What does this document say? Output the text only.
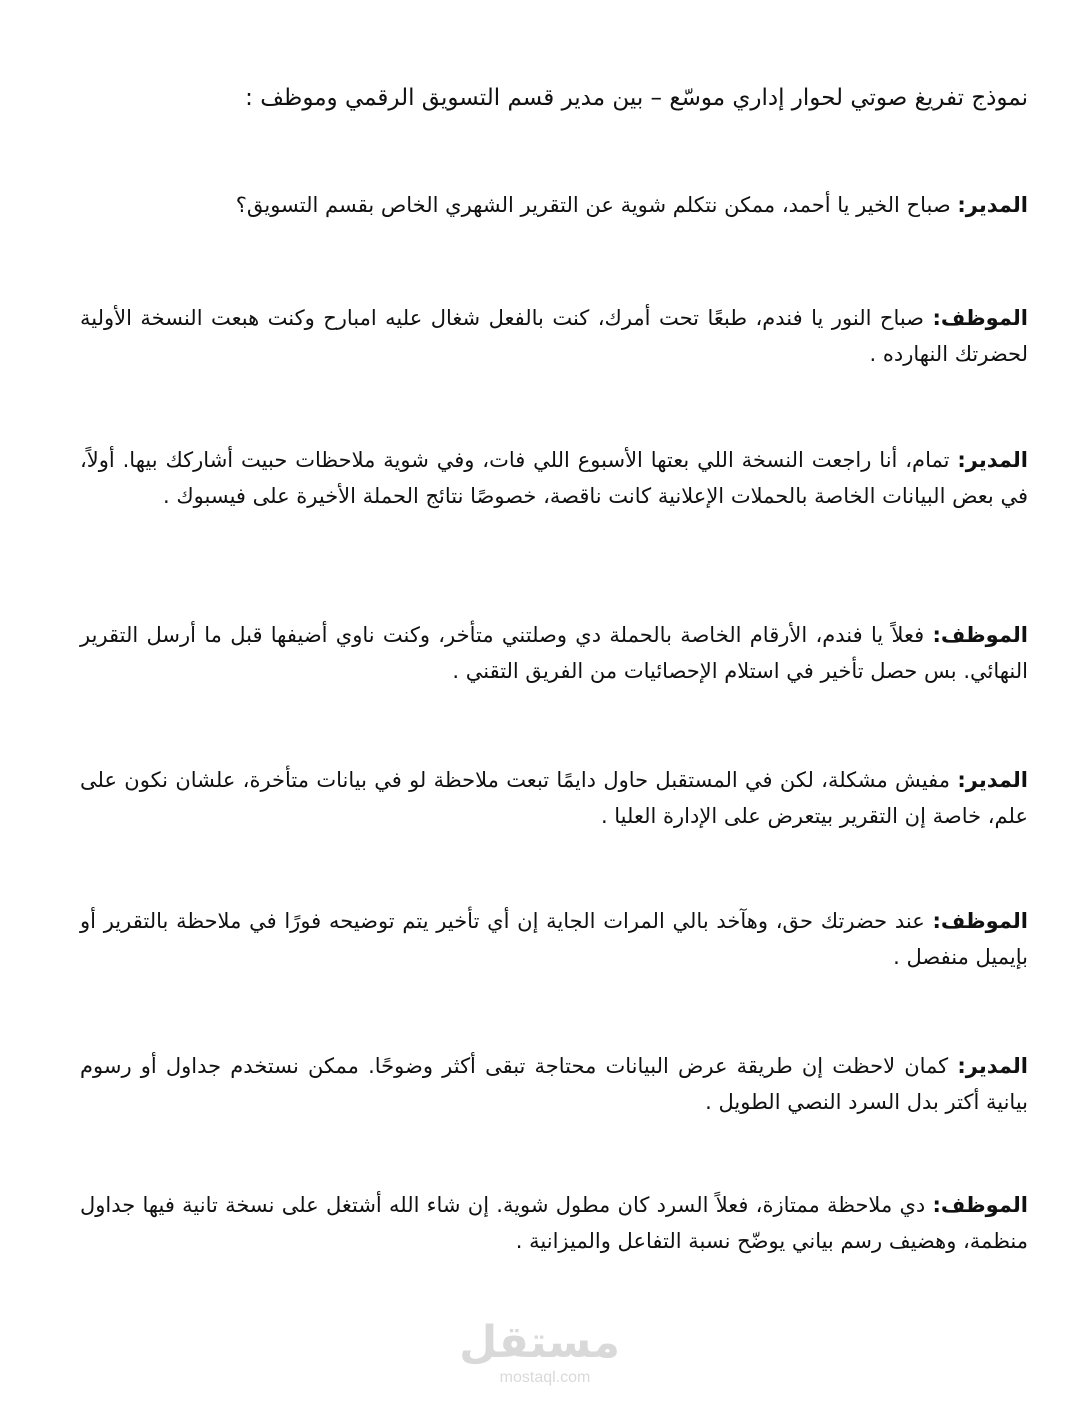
نموذج تفريغ صوتي لحوار إداري موسّع – بين مدير قسم التسويق الرقمي وموظف :

المدير: صباح الخير يا أحمد، ممكن نتكلم شوية عن التقرير الشهري الخاص بقسم التسويق؟

الموظف: صباح النور يا فندم، طبعًا تحت أمرك، كنت بالفعل شغال عليه امبارح وكنت هبعت النسخة الأولية لحضرتك النهارده .

المدير: تمام، أنا راجعت النسخة اللي بعتها الأسبوع اللي فات، وفي شوية ملاحظات حبيت أشاركك بيها. أولاً، في بعض البيانات الخاصة بالحملات الإعلانية كانت ناقصة، خصوصًا نتائج الحملة الأخيرة على فيسبوك .

الموظف: فعلاً يا فندم، الأرقام الخاصة بالحملة دي وصلتني متأخر، وكنت ناوي أضيفها قبل ما أرسل التقرير النهائي. بس حصل تأخير في استلام الإحصائيات من الفريق التقني .

المدير: مفيش مشكلة، لكن في المستقبل حاول دايمًا تبعت ملاحظة لو في بيانات متأخرة، علشان نكون على علم، خاصة إن التقرير بيتعرض على الإدارة العليا .

الموظف: عند حضرتك حق، وهآخد بالي المرات الجاية إن أي تأخير يتم توضيحه فورًا في ملاحظة بالتقرير أو بإيميل منفصل .

المدير: كمان لاحظت إن طريقة عرض البيانات محتاجة تبقى أكثر وضوحًا. ممكن نستخدم جداول أو رسوم بيانية أكتر بدل السرد النصي الطويل .

الموظف: دي ملاحظة ممتازة، فعلاً السرد كان مطول شوية. إن شاء الله أشتغل على نسخة تانية فيها جداول منظمة، وهضيف رسم بياني يوضّح نسبة التفاعل والميزانية .

مستقل
mostaql.com
